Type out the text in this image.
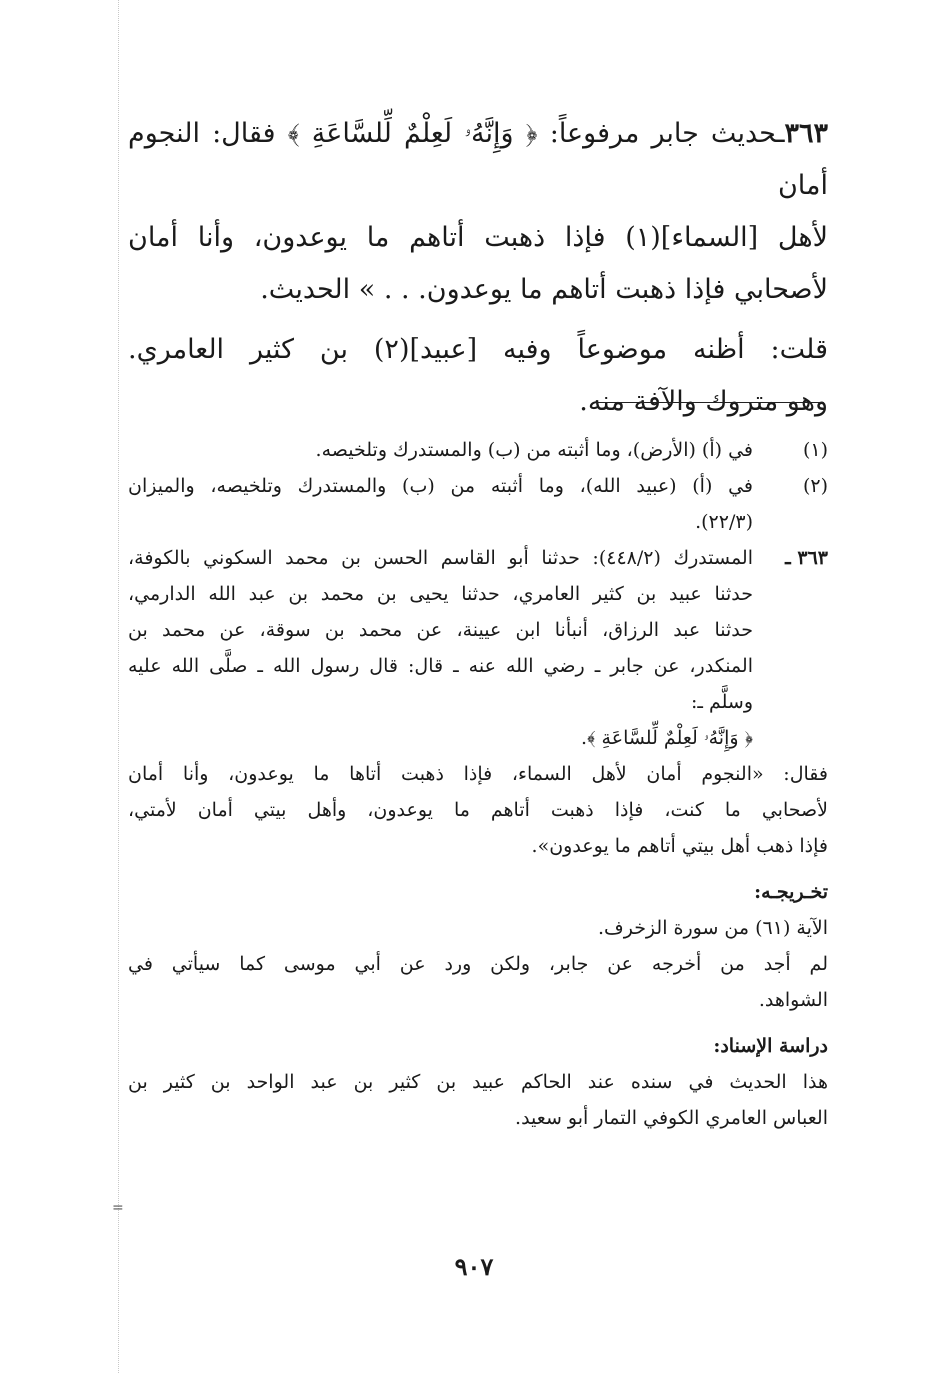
=

٣٦٣ـحديث جابر مرفوعاً: ﴿ وَإِنَّهُۥ لَعِلْمٌ لِّلسَّاعَةِ ﴾ فقال: النجوم أمان

لأهل [السماء](١) فإذا ذهبت أتاهم ما يوعدون، وأنا أمان

لأصحابي فإذا ذهبت أتاهم ما يوعدون. . . » الحديث.

قلت: أظنه موضوعاً وفيه [عبيد](٢) بن كثير العامري.

وهو متروك والآفة منه.

(١)
في (أ) (الأرض)، وما أثبته من (ب) والمستدرك وتلخيصه.
(٢)
في (أ) (عبيد الله)، وما أثبته من (ب) والمستدرك وتلخيصه، والميزان
(٢٢/٣).
٣٦٣ ـ
المستدرك (٤٤٨/٢): حدثنا أبو القاسم الحسن بن محمد السكوني بالكوفة،
حدثنا عبيد بن كثير العامري، حدثنا يحيى بن محمد بن عبد الله الدارمي،
حدثنا عبد الرزاق، أنبأنا ابن عيينة، عن محمد بن سوقة، عن محمد بن
المنكدر، عن جابر ـ رضي الله عنه ـ قال: قال رسول الله ـ صلَّى الله عليه
وسلَّم ـ:
﴿ وَإِنَّهُۥ لَعِلْمٌ لِّلسَّاعَةِ ﴾.

فقال: «النجوم أمان لأهل السماء، فإذا ذهبت أتاها ما يوعدون، وأنا أمان

لأصحابي ما كنت، فإذا ذهبت أتاهم ما يوعدون، وأهل بيتي أمان لأمتي،

فإذا ذهب أهل بيتي أتاهم ما يوعدون».

تخـريجـه:

الآية (٦١) من سورة الزخرف.

لم أجد من أخرجه عن جابر، ولكن ورد عن أبي موسى كما سيأتي في

الشواهد.

دراسة الإسناد:

هذا الحديث في سنده عند الحاكم عبيد بن كثير بن عبد الواحد بن كثير بن

العباس العامري الكوفي التمار أبو سعيد.

٩٠٧
